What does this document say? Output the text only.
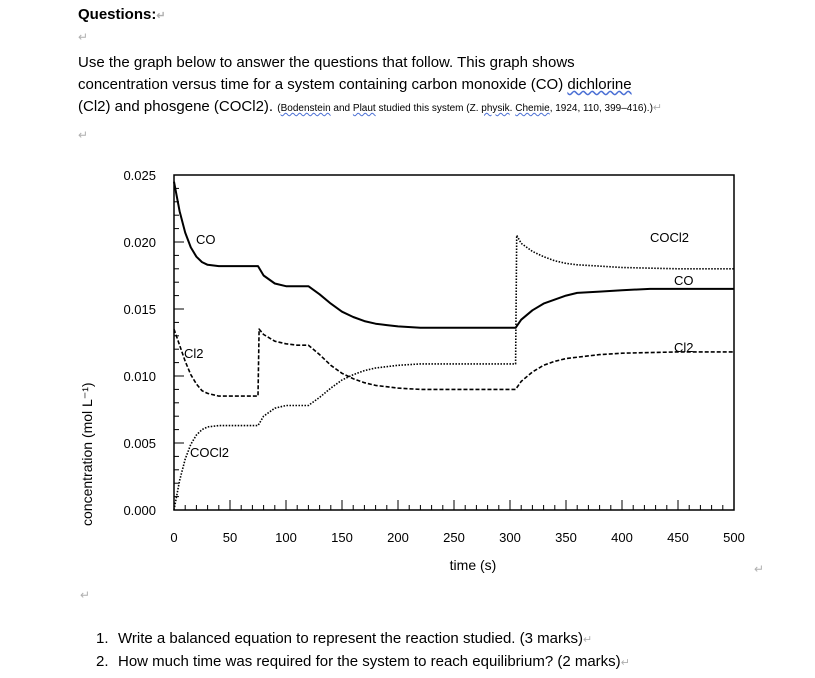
Questions:↵
↵
Use the graph below to answer the questions that follow. This graph shows
concentration versus time for a system containing carbon monoxide (CO) dichlorine
(Cl2) and phosgene (COCl2). (Bodenstein and Plaut studied this system (Z. physik. Chemie, 1924, 110, 399–416).)↵
↵
concentration (mol L⁻¹)
time (s)
0	50	100	150	200	250	300	350	400	450	500
0.000
0.005
0.010
0.015
0.020
0.025
CO
Cl2
COCl2
COCl2
CO
Cl2
↵
↵
1. Write a balanced equation to represent the reaction studied. (3 marks)↵
2. How much time was required for the system to reach equilibrium? (2 marks)↵
